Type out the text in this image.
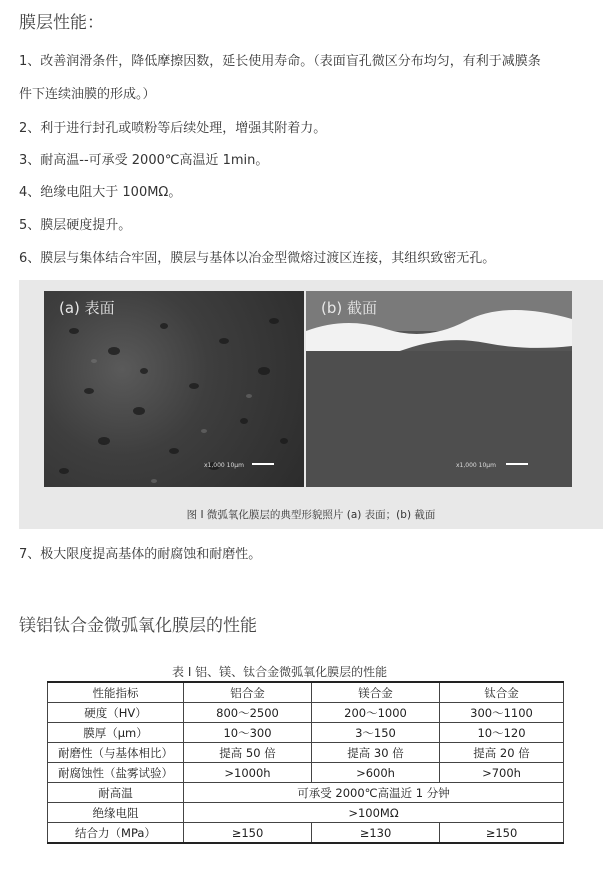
膜层性能：
1、改善润滑条件，降低摩擦因数，延长使用寿命。（表面盲孔微区分布均匀，有利于减膜条
件下连续油膜的形成。）
2、利于进行封孔或喷粉等后续处理，增强其附着力。
3、耐高温--可承受 2000℃高温近 1min。
4、绝缘电阻大于 100MΩ。
5、膜层硬度提升。
6、膜层与集体结合牢固，膜层与基体以冶金型微熔过渡区连接，其组织致密无孔。
(a) 表面
x1,000 10μm
(b) 截面
x1,000 10μm
图 I 微弧氧化膜层的典型形貌照片 (a) 表面；(b) 截面
7、极大限度提高基体的耐腐蚀和耐磨性。
镁铝钛合金微弧氧化膜层的性能
表 I 铝、镁、钛合金微弧氧化膜层的性能
性能指标	铝合金	镁合金	钛合金
硬度（HV）	800～2500	200～1000	300～1100
膜厚（μm）	10～300	3～150	10～120
耐磨性（与基体相比）	提高 50 倍	提高 30 倍	提高 20 倍
耐腐蚀性（盐雾试验）	>1000h	>600h	>700h
耐高温	可承受 2000℃高温近 1 分钟		
绝缘电阻	>100MΩ		
结合力（MPa）	≥150	≥130	≥150
